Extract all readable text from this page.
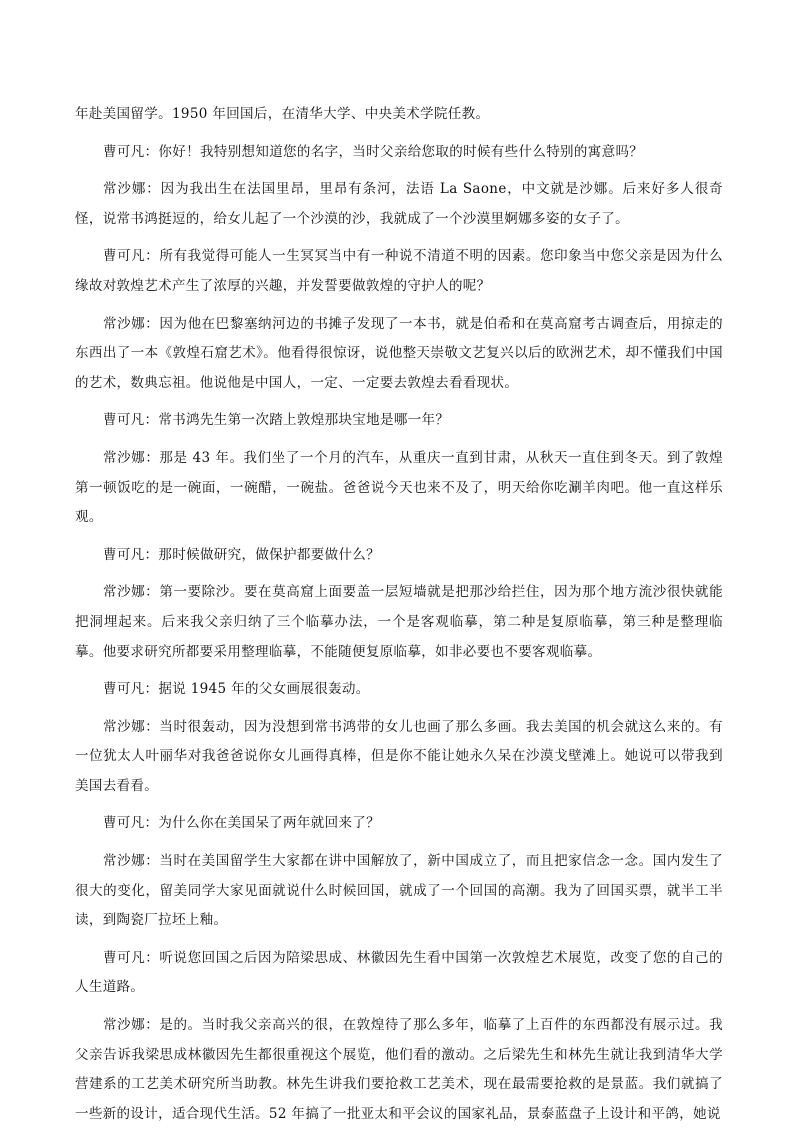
年赴美国留学。1950 年回国后，在清华大学、中央美术学院任教。

曹可凡：你好！我特别想知道您的名字，当时父亲给您取的时候有些什么特别的寓意吗？

常沙娜：因为我出生在法国里昂，里昂有条河，法语 La Saone，中文就是沙娜。后来好多人很奇怪，说常书鸿挺逗的，给女儿起了一个沙漠的沙，我就成了一个沙漠里婀娜多姿的女子了。

曹可凡：所有我觉得可能人一生冥冥当中有一种说不清道不明的因素。您印象当中您父亲是因为什么缘故对敦煌艺术产生了浓厚的兴趣，并发誓要做敦煌的守护人的呢？

常沙娜：因为他在巴黎塞纳河边的书摊子发现了一本书，就是伯希和在莫高窟考古调查后，用掠走的东西出了一本《敦煌石窟艺术》。他看得很惊讶，说他整天崇敬文艺复兴以后的欧洲艺术，却不懂我们中国的艺术，数典忘祖。他说他是中国人，一定、一定要去敦煌去看看现状。

曹可凡：常书鸿先生第一次踏上敦煌那块宝地是哪一年？

常沙娜：那是 43 年。我们坐了一个月的汽车，从重庆一直到甘肃，从秋天一直住到冬天。到了敦煌第一顿饭吃的是一碗面，一碗醋，一碗盐。爸爸说今天也来不及了，明天给你吃涮羊肉吧。他一直这样乐观。

曹可凡：那时候做研究，做保护都要做什么？

常沙娜：第一要除沙。要在莫高窟上面要盖一层短墙就是把那沙给拦住，因为那个地方流沙很快就能把洞埋起来。后来我父亲归纳了三个临摹办法，一个是客观临摹，第二种是复原临摹，第三种是整理临摹。他要求研究所都要采用整理临摹，不能随便复原临摹，如非必要也不要客观临摹。

曹可凡：据说 1945 年的父女画展很轰动。

常沙娜：当时很轰动，因为没想到常书鸿带的女儿也画了那么多画。我去美国的机会就这么来的。有一位犹太人叶丽华对我爸爸说你女儿画得真棒，但是你不能让她永久呆在沙漠戈壁滩上。她说可以带我到美国去看看。

曹可凡：为什么你在美国呆了两年就回来了？

常沙娜：当时在美国留学生大家都在讲中国解放了，新中国成立了，而且把家信念一念。国内发生了很大的变化，留美同学大家见面就说什么时候回国，就成了一个回国的高潮。我为了回国买票，就半工半读，到陶瓷厂拉坯上釉。

曹可凡：听说您回国之后因为陪梁思成、林徽因先生看中国第一次敦煌艺术展览，改变了您的自己的人生道路。

常沙娜：是的。当时我父亲高兴的很，在敦煌待了那么多年，临摹了上百件的东西都没有展示过。我父亲告诉我梁思成林徽因先生都很重视这个展览，他们看的激动。之后梁先生和林先生就让我到清华大学营建系的工艺美术研究所当助教。林先生讲我们要抢救工艺美术，现在最需要抢救的是景蓝。我们就搞了一些新的设计，适合现代生活。52 年搞了一批亚太和平会议的国家礼品，景泰蓝盘子上设计和平鸽，她说
